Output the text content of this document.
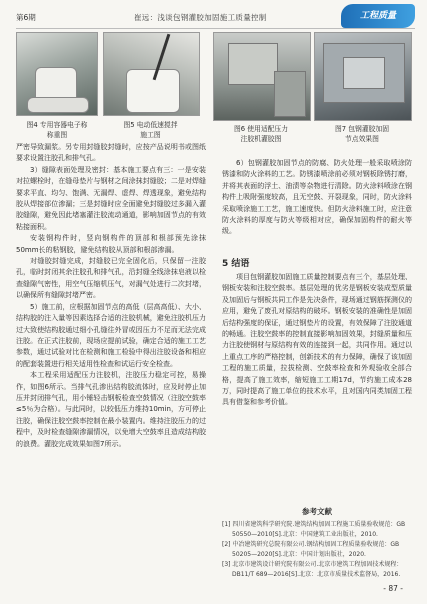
第6期	崔远：浅谈包钢灌胶加固施工质量控制	工程质量
图4 专用容器电子称
称重图
图5 电动低速搅拌
施工图
图6 使用适配压力
注胶机灌胶图
图7 包钢灌胶加固
节点效果图

严密导致漏浆。另专用封缝胶封缝时，应按产品说明书或图纸要求设置注胶孔和排气孔。

3）缝隙表面处理及密封：基本施工要点有三：一是安装对拉螺栓时，在缝母垫片与钢材之间涂抹封缝胶；二是对焊缝要求平直、均匀、饱满、无漏焊、虚焊、焊透现象，避免结构胶从焊接部位渗漏；三是封缝时应全面避免封缝胶过多漏入灌胶缝隙，避免因此堵塞灌注胶流动通道，影响加固节点的有效粘接面积。

安装钢构件时，竖向钢构件的顶部和根部预先涂抹50mm长的粘钢胶，避免结构胶从顶部和根部渗漏。

对缝胶封缝完成，封缝胶已完全固化后，只保留一注胶孔，临时封闭其余注胶孔和排气孔，沿封缝全线涂抹皂液以检查缝隙气密性，用空气压缩机压气，对漏气处进行二次封堵，以确保所有缝隙封堵严密。

5）施工前，应根据加固节点的高低（层高高低）、大小、结构胶的注入量等因素选择合适的注胶机械，避免注胶机压力过大致使结构胶通过细小孔缝往外冒或因压力不足而无法完成注胶。在正式注胶前，现场应提前试验，确定合适的施工工艺参数，通过试验对比在检测和施工检验中得出注胶设备和相应的配套装置进行相关适用性检查和试运行安全检查。

本工程采用适配压力注胶机，注胶压力稳定可控，易操作，如图6所示。当排气孔渗出结构胶流体时，应及时停止加压并封闭排气孔，用小锤轻击钢板检查空鼓情况（注胶空鼓率≤5％为合格）。与此同时，以较低压力维持10min，方可停止注胶，确保注胶空鼓率控制在最小装置内。维持注胶压力的过程中，及时检查缝隙渗漏情况，以免增大空鼓率且造成结构胶的浪费。灌胶完成效果如图7所示。

6）包钢灌胶加固节点的防腐、防火处理一般采取喷涂防锈漆和防火涂料的工艺。防锈漆喷涂前必须对钢板除锈打磨，并将其表面的浮土、油渍等杂物进行清除。防火涂料喷涂在钢构件上吸附强度较高，且无空鼓、开裂现象，同时，防火涂料采取喷涂施工工艺，施工速度快。但防火涂料施工时，应注意防火涂料的厚度与防火等级相对应，确保加固构件的耐火等级。

5 结语

项目包钢灌胶加固施工质量控制要点有三个，基层处理、钢板安装和注胶空鼓率。基层处理的优劣是钢板安装成型质量及加固后与钢板共同工作是先决条件，现场通过钢筋探测仪的应用，避免了废孔对原结构的破坏。钢板安装的准确性是加固后结构强度的保证，通过钢垫片的设置，有效保障了注胶通道的畅通。注胶空鼓率的控制直接影响加固效果，封缝质量和压力注胶使钢材与原结构有效的连接到一起，共同作用。通过以上重点工序的严格控制，创新技术的有力保障，确保了该加固工程的施工质量，拉拔检测、空鼓率检查和外观验收全部合格，提高了施工效率，缩短施工工期17d，节约施工成本28万，同时提高了施工单位的技术水平，且对国内同类加固工程具有借鉴和参考价值。

参考文献

[1] 四川省建筑科学研究院.建筑结构加固工程施工质量验收规范：GB 50550—2010[S].北京：中国建筑工业出版社，2010.

[2] 中冶建筑研究总院有限公司.钢结构加固工程质量验收规范：GB 50205—2020[S].北京：中国计划出版社，2020.

[3] 北京市建筑设计研究院有限公司.北京市建筑工程加固技术规程：DB11/T 689—2016[S].北京：北京市质量技术监督局，2016.

- 87 -
